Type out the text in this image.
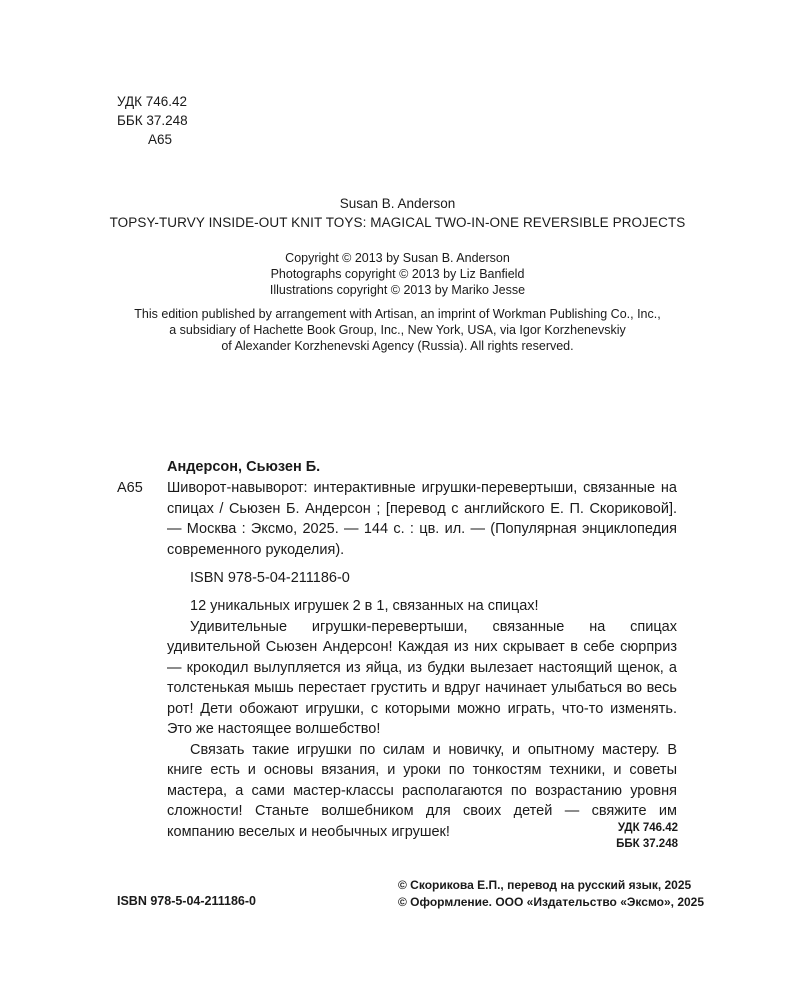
УДК 746.42
ББК 37.248
А65
Susan B. Anderson
TOPSY-TURVY INSIDE-OUT KNIT TOYS: MAGICAL TWO-IN-ONE REVERSIBLE PROJECTS
Copyright © 2013 by Susan B. Anderson
Photographs copyright © 2013 by Liz Banfield
Illustrations copyright © 2013 by Mariko Jesse
This edition published by arrangement with Artisan, an imprint of Workman Publishing Co., Inc.,
a subsidiary of Hachette Book Group, Inc., New York, USA, via Igor Korzhenevskiy
of Alexander Korzhenevski Agency (Russia). All rights reserved.
Андерсон, Сьюзен Б.
А65 Шиворот-навыворот: интерактивные игрушки-перевертыши, связанные на спицах / Сьюзен Б. Андерсон ; [перевод с английского Е. П. Скориковой]. — Москва : Эксмо, 2025. — 144 с. : цв. ил. — (Популярная энциклопедия современного рукоделия).

ISBN 978-5-04-211186-0

12 уникальных игрушек 2 в 1, связанных на спицах!

Удивительные игрушки-перевертыши, связанные на спицах удивительной Сьюзен Андерсон! Каждая из них скрывает в себе сюрприз — крокодил вылупляется из яйца, из будки вылезает настоящий щенок, а толстенькая мышь перестает грустить и вдруг начинает улыбаться во весь рот! Дети обожают игрушки, с которыми можно играть, что-то изменять. Это же настоящее волшебство!

Связать такие игрушки по силам и новичку, и опытному мастеру. В книге есть и основы вязания, и уроки по тонкостям техники, и советы мастера, а сами мастер-классы располагаются по возрастанию уровня сложности! Станьте волшебником для своих детей — свяжите им компанию веселых и необычных игрушек!	УДК 746.42
ББК 37.248
ISBN 978-5-04-211186-0
© Скорикова Е.П., перевод на русский язык, 2025
© Оформление. ООО «Издательство «Эксмо», 2025
